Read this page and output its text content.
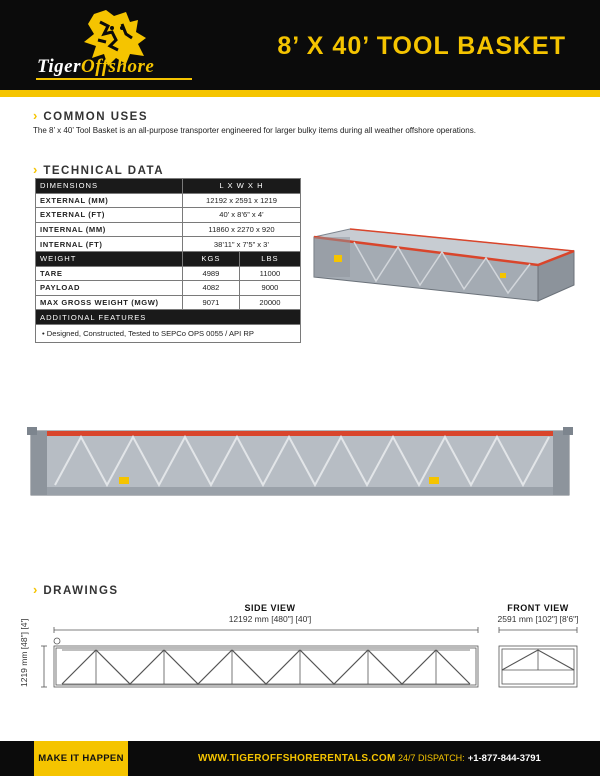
TigerOffshore
8’ X 40’ TOOL BASKET
› COMMON USES
The 8’ x 40’ Tool Basket is an all-purpose transporter engineered for larger bulky items during all weather offshore operations.
› TECHNICAL DATA
DIMENSIONS	L X W X H	
EXTERNAL (MM)	12192 x 2591 x 1219	
EXTERNAL (FT)	40’ x 8’6” x 4’	
INTERNAL (MM)	11860 x 2270 x 920	
INTERNAL (FT)	38’11” x 7’5” x 3’	
WEIGHT	KGS	LBS
TARE	4989	11000
PAYLOAD	4082	9000
MAX GROSS WEIGHT (MGW)	9071	20000
ADDITIONAL FEATURES		
• Designed, Constructed, Tested to SEPCo OPS 0055 / API RP		
› DRAWINGS
SIDE VIEW
12192 mm [480"] [40']
FRONT VIEW
2591 mm [102"] [8'6"]
1219 mm [48"] [4']
MAKE IT HAPPEN	WWW.TIGEROFFSHORERENTALS.COM 24/7 DISPATCH: +1-877-844-3791
